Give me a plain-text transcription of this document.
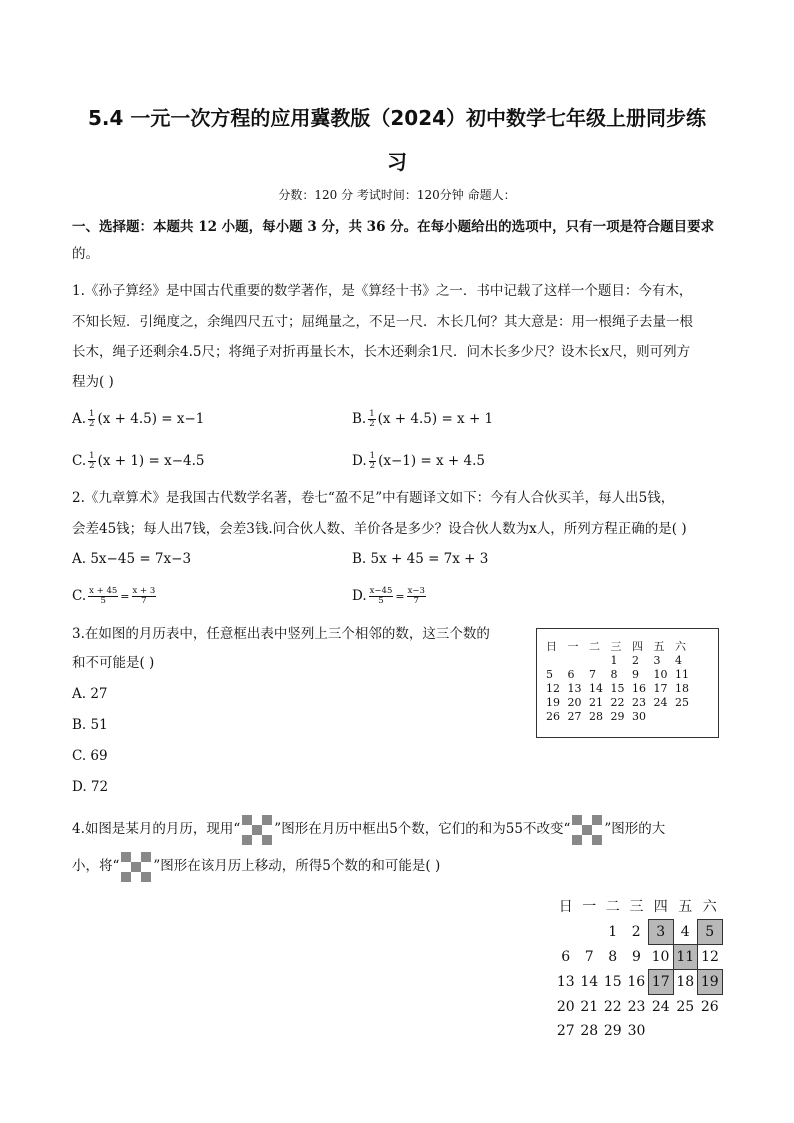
5.4 一元一次方程的应用冀教版（2024）初中数学七年级上册同步练
习
分数：120 分 考试时间：120分钟 命题人：
一、选择题：本题共 12 小题，每小题 3 分，共 36 分。在每小题给出的选项中，只有一项是符合题目要求
的。
1.《孙子算经》是中国古代重要的数学著作，是《算经十书》之一．书中记载了这样一个题目：今有木，
不知长短．引绳度之，余绳四尺五寸；屈绳量之，不足一尺．木长几何？其大意是：用一根绳子去量一根
长木，绳子还剩余4.5尺；将绳子对折再量长木，长木还剩余1尺．问木长多少尺？设木长x尺，则可列方
程为( )
A. $\frac{1}{2} (x + 4.5) = x-1$	B. $\frac{1}{2} (x + 4.5) = x + 1$
C. $\frac{1}{2} (x + 1) = x-4.5$	D. $\frac{1}{2} (x-1) = x + 4.5$
2.《九章算术》是我国古代数学名著，卷七“盈不足”中有题译文如下：今有人合伙买羊，每人出5钱，
会差45钱；每人出7钱，会差3钱.问合伙人数、羊价各是多少？设合伙人数为x人，所列方程正确的是( )
A. 5x−45 = 7x−3	B. 5x + 45 = 7x + 3
C. $\frac{x + 45}{5} = \frac{x + 3}{7}$	D. $\frac{x-45}{5} = \frac{x-3}{7}$
3.在如图的月历表中，任意框出表中竖列上三个相邻的数，这三个数的
和不可能是( )
A. 27
B. 51
C. 69
D. 72
日	一	二	三	四	五	六
			1	2	3	4
5	6	7	8	9	10	11
12	13	14	15	16	17	18
19	20	21	22	23	24	25
26	27	28	29	30		
4.如图是某月的月历，现用“	”图形在月历中框出5个数，它们的和为55不改变“	”图形的大
小，将“	”图形在该月历上移动，所得5个数的和可能是( )
日	一	二	三	四	五	六
		1	2	3	4	5
6	7	8	9	10	11	12
13	14	15	16	17	18	19
20	21	22	23	24	25	26
27	28	29	30			
